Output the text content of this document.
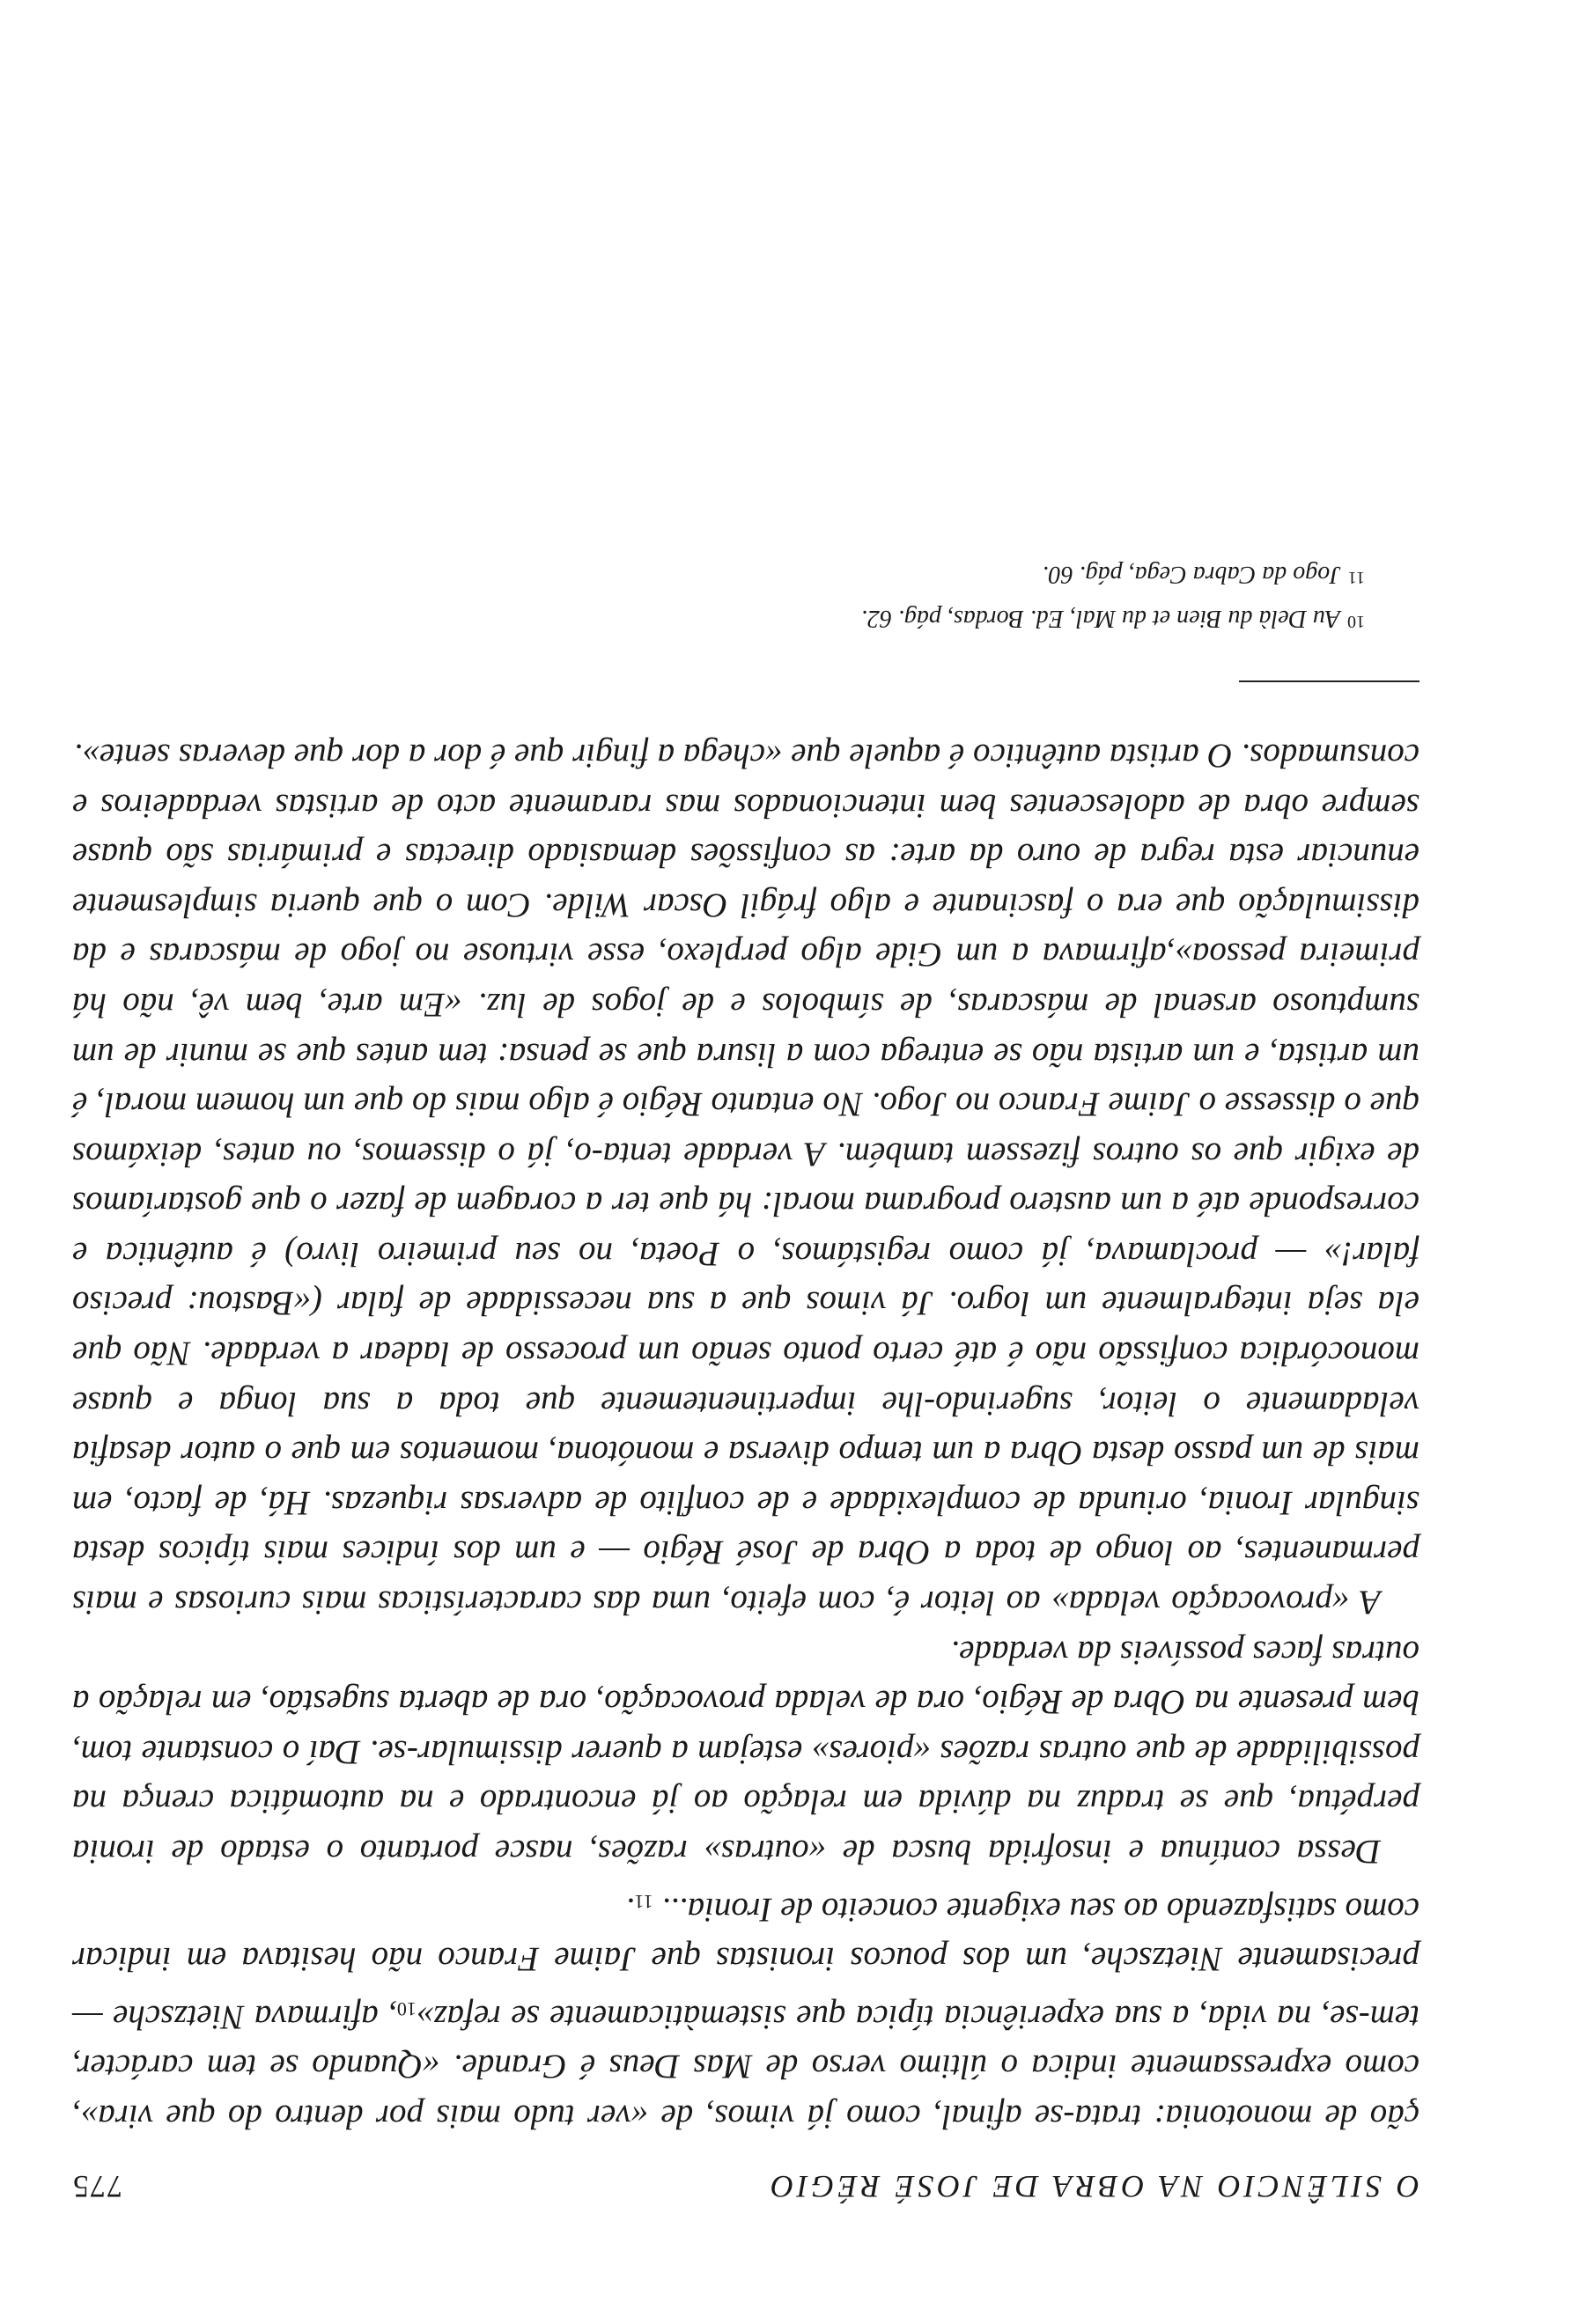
O SILÊNCIO NA OBRA DE JOSÉ RÉGIO
775

ção de monotonia: trata-se afinal, como já vimos, de «ver tudo mais por dentro do que vira», como expressamente indica o último verso de Mas Deus é Grande. «Quando se tem carácter, tem-se, na vida, a sua experiência típica que sistemàticamente se $refaz»_{10}$, afirmava Nietzsche — precisamente Nietzsche, um dos poucos ironistas que Jaime Franco não hesitava em indicar como satisfazendo ao seu exigente conceito de Ironia... $_{11}$.

Dessa contínua e insofrida busca de «outras» razões, nasce portanto o estado de ironia perpétua, que se traduz na dúvida em relação ao já encontrado e na automática crença na possibilidade de que outras razões «piores» estejam a querer dissimular-se. Daí o constante tom, bem presente na Obra de Régio, ora de velada provocação, ora de aberta sugestão, em relação a outras faces possíveis da verdade.

A «provocação velada» ao leitor é, com efeito, uma das características mais curiosas e mais permanentes, ao longo de toda a Obra de José Régio — e um dos índices mais típicos desta singular Ironia, oriunda de complexidade e de conflito de adversas riquezas. Há, de facto, em mais de um passo desta Obra a um tempo diversa e monótona, momentos em que o autor desafia veladamente o leitor, sugerindo-lhe impertinentemente que toda a sua longa e quase monocórdica confissão não é até certo ponto senão um processo de ladear a verdade. Não que ela seja integralmente um logro. Já vimos que a sua necessidade de falar («Bastou: preciso falar!» — proclamava, já como registámos, o Poeta, no seu primeiro livro) é autêntica e corresponde até a um austero programa moral: há que ter a coragem de fazer o que gostaríamos de exigir que os outros fizessem também. A verdade tenta-o, já o dissemos, ou antes, deixámos que o dissesse o Jaime Franco no Jogo. No entanto Régio é algo mais do que um homem moral, é um artista, e um artista não se entrega com a lisura que se pensa: tem antes que se munir de um sumptuoso arsenal de máscaras, de símbolos e de jogos de luz. «Em arte, bem vê, não há primeira pessoa»,afirmava a um Gide algo perplexo, esse virtuose no jogo de máscaras e da dissimulação que era o fascinante e algo frágil Oscar Wilde. Com o que queria simplesmente enunciar esta regra de ouro da arte: as confissões demasiado directas e primárias são quase sempre obra de adolescentes bem intencionados mas raramente acto de artistas verdadeiros e consumados. O artista autêntico é aquele que «chega a fingir que é dor a dor que deveras sente».

$^{10}$Au Delà du Bien et du Mal, Ed. Bordas, pág. 62.

$^{11}$Jogo da Cabra Cega, pág. 60.
